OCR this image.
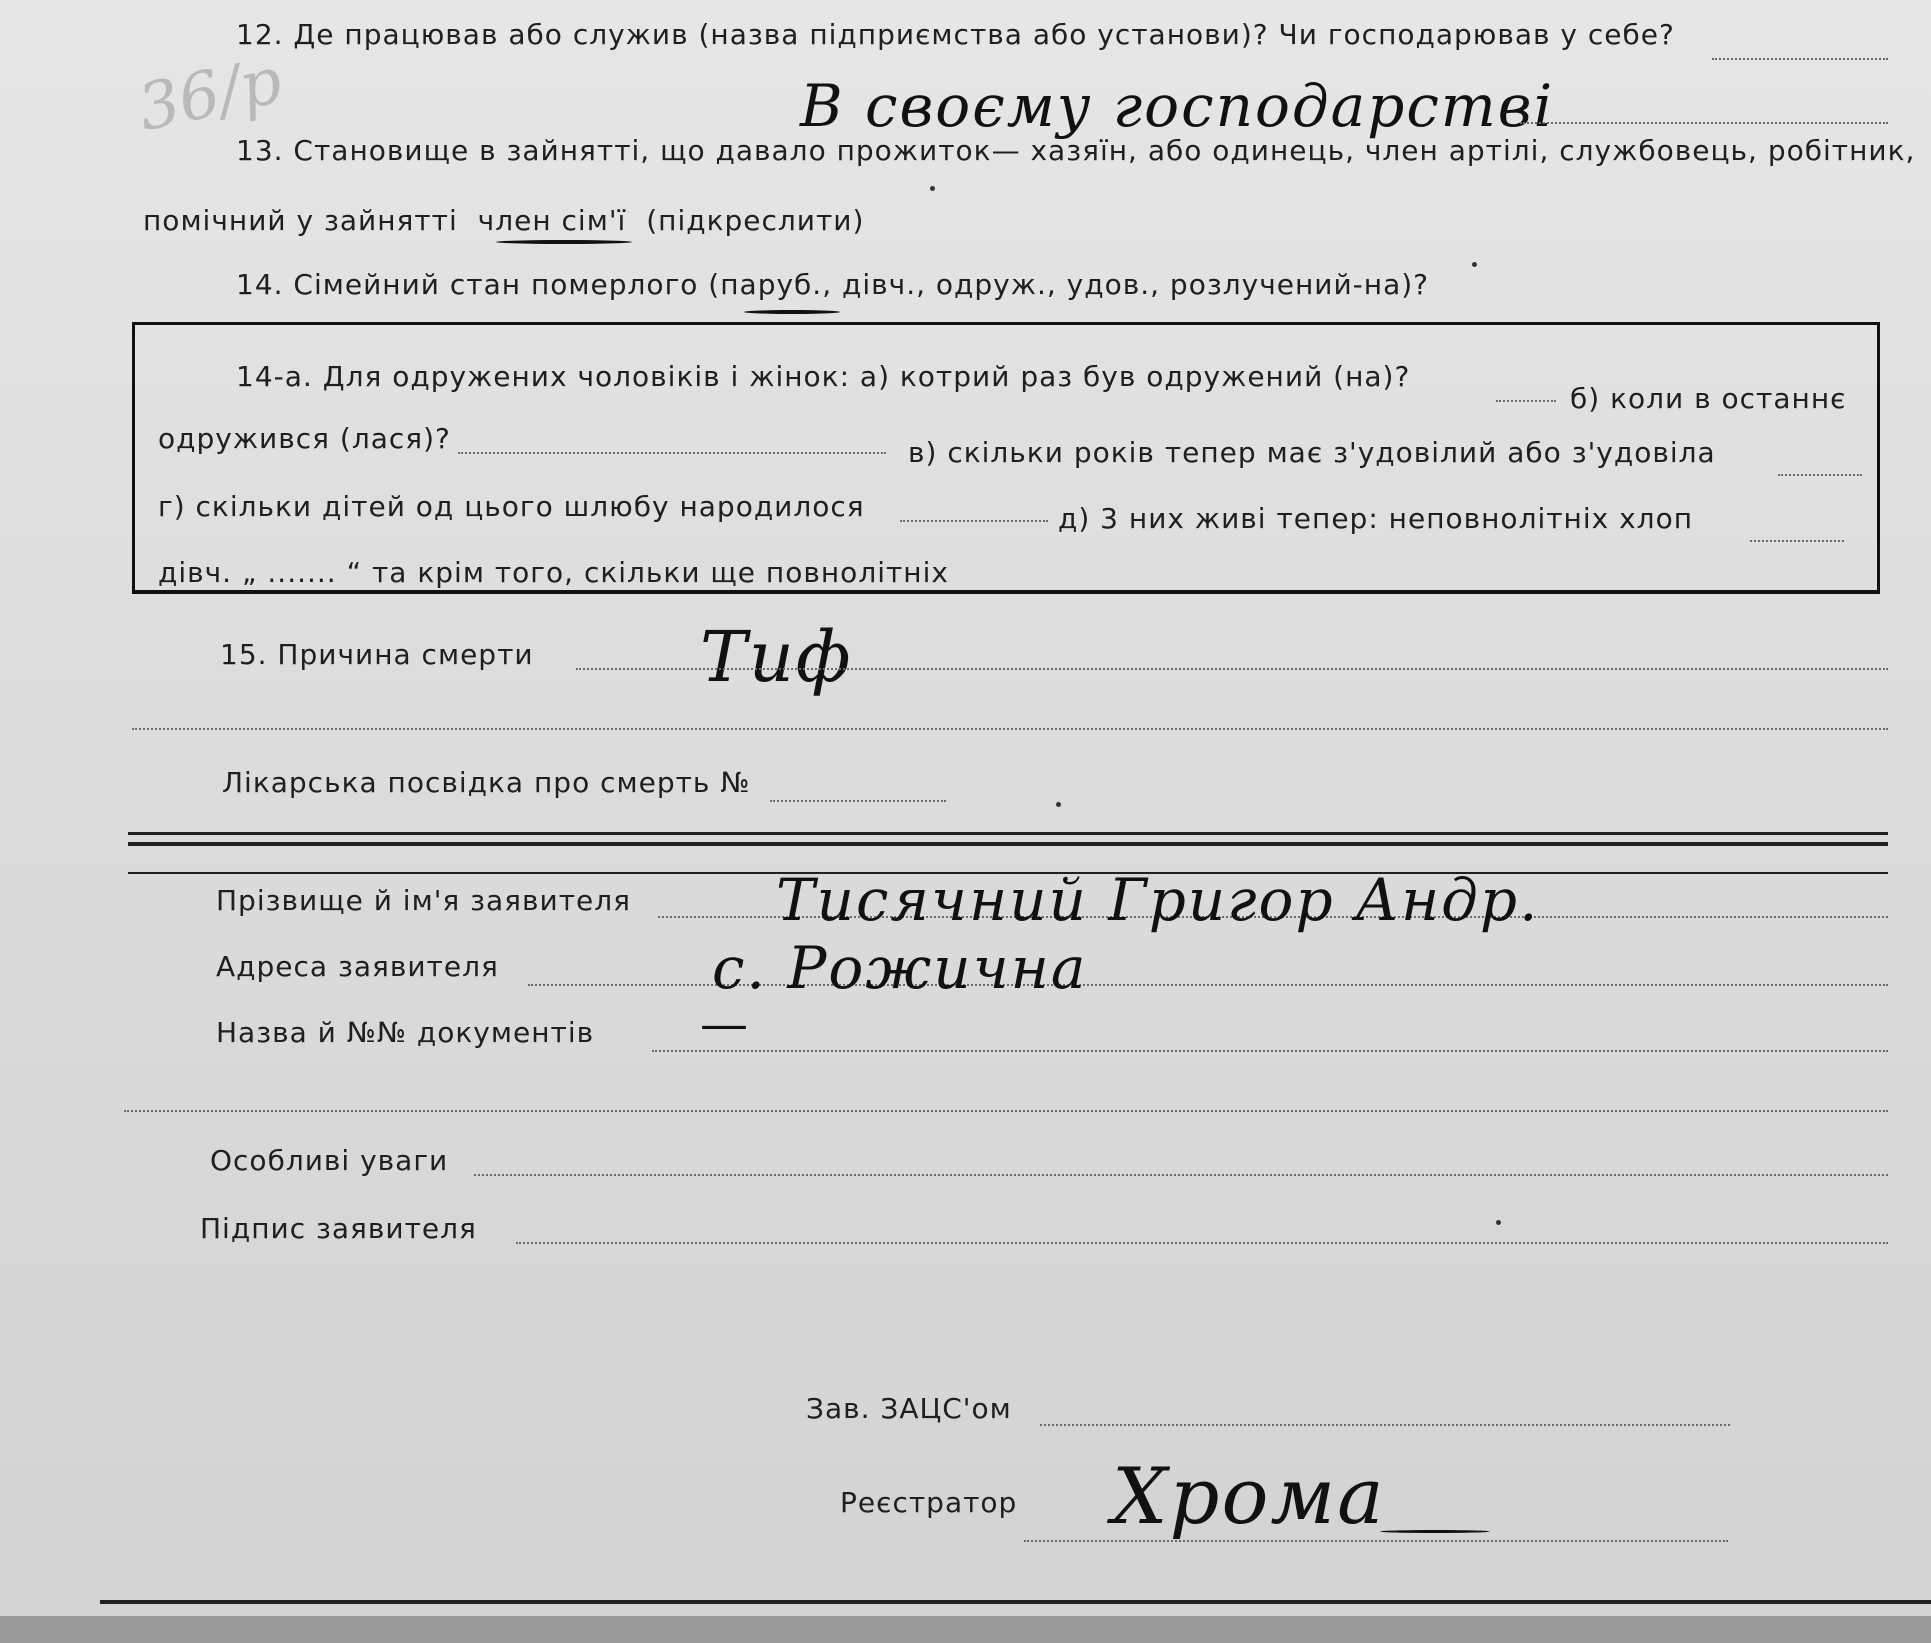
36/р
12. Де працював або служив (назва підприємства або установи)? Чи господарював у себе?
В своєму господарстві
13. Становище в зайнятті, що давало прожиток— хазяїн, або одинець, член артілі, службовець, робітник,
помічний у зайнятті член сім'ї (підкреслити)
14. Сімейний стан померлого (паруб., дівч., одруж., удов., розлучений-на)?
14-а. Для одружених чоловіків і жінок: а) котрий раз був одружений (на)?
б) коли в останнє
одружився (лася)?	в) скільки років тепер має з'удовілий або з'удовіла
г) скільки дітей од цього шлюбу народилося	д) 3 них живі тепер: неповнолітніх хлоп
дівч. „ ....... “ та крім того, скільки ще повнолітніх
15. Причина смерти Тиф
Лікарська посвідка про смерть №
Прізвище й ім'я заявителя Тисячний Григор Андр.
Адреса заявителя	с. Рожична
Назва й №№ документів —
Особливі уваги
Підпис заявителя
Зав. ЗАЦС'ом
Реєстратор Хрома
